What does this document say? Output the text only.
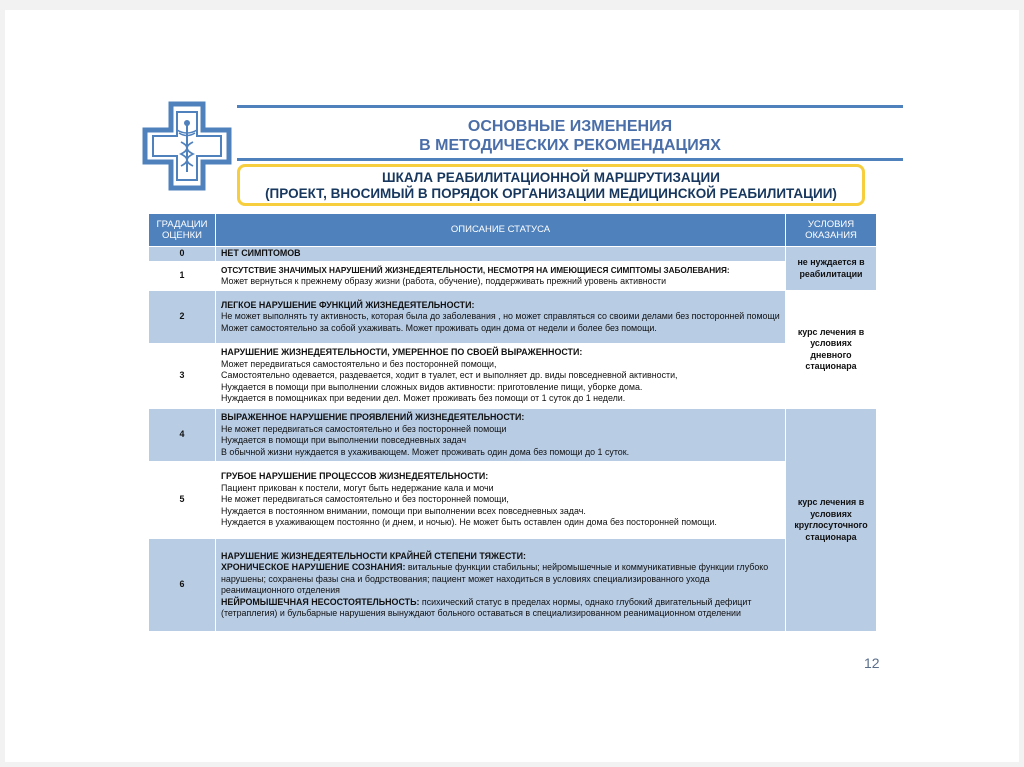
ОСНОВНЫЕ ИЗМЕНЕНИЯ
В МЕТОДИЧЕСКИХ РЕКОМЕНДАЦИЯХ
ШКАЛА РЕАБИЛИТАЦИОННОЙ МАРШРУТИЗАЦИИ
(ПРОЕКТ, ВНОСИМЫЙ В ПОРЯДОК ОРГАНИЗАЦИИ МЕДИЦИНСКОЙ РЕАБИЛИТАЦИИ)
ГРАДАЦИИ
ОЦЕНКИ	ОПИСАНИЕ СТАТУСА	УСЛОВИЯ
ОКАЗАНИЯ
0	НЕТ СИМПТОМОВ	не нуждается в реабилитации
1	ОТСУТСТВИЕ ЗНАЧИМЫХ НАРУШЕНИЙ ЖИЗНЕДЕЯТЕЛЬНОСТИ, НЕСМОТРЯ НА ИМЕЮЩИЕСЯ СИМПТОМЫ ЗАБОЛЕВАНИЯ:
Может вернуться к прежнему образу жизни (работа, обучение), поддерживать прежний уровень активности	

2	ЛЕГКОЕ НАРУШЕНИЕ ФУНКЦИЙ ЖИЗНЕДЕЯТЕЛЬНОСТИ:
Не может выполнять ту активность, которая была до заболевания , но может справляться со своими делами без посторонней помощи
Может самостоятельно за собой ухаживать. Может проживать один дома от недели и более без помощи.	курс лечения в условиях дневного стационара
3	НАРУШЕНИЕ ЖИЗНЕДЕЯТЕЛЬНОСТИ, УМЕРЕННОЕ ПО СВОЕЙ ВЫРАЖЕННОСТИ:
Может передвигаться самостоятельно и без посторонней помощи,
Самостоятельно одевается, раздевается, ходит в туалет, ест и выполняет др. виды повседневной активности,
Нуждается в помощи при выполнении сложных видов активности: приготовление пищи, уборке дома.
Нуждается в помощниках при ведении дел. Может проживать без помощи от 1 суток до 1 недели.	

4	ВЫРАЖЕННОЕ НАРУШЕНИЕ ПРОЯВЛЕНИЙ ЖИЗНЕДЕЯТЕЛЬНОСТИ:
Не может передвигаться самостоятельно и без посторонней помощи
Нуждается в помощи при выполнении повседневных задач
В обычной жизни нуждается в ухаживающем. Может проживать один дома без помощи до 1 суток.	курс лечения в условиях круглосуточного стационара
5	ГРУБОЕ НАРУШЕНИЕ ПРОЦЕССОВ ЖИЗНЕДЕЯТЕЛЬНОСТИ:
Пациент прикован к постели, могут быть недержание кала и мочи
Не может передвигаться самостоятельно и без посторонней помощи,
Нуждается в постоянном внимании, помощи при выполнении всех повседневных задач.
Нуждается в ухаживающем постоянно (и днем, и ночью). Не может быть оставлен один дома без посторонней помощи.	

6	НАРУШЕНИЕ ЖИЗНЕДЕЯТЕЛЬНОСТИ КРАЙНЕЙ СТЕПЕНИ ТЯЖЕСТИ:
ХРОНИЧЕСКОЕ НАРУШЕНИЕ СОЗНАНИЯ: витальные функции стабильны; нейромышечные и коммуникативные функции глубоко нарушены; сохранены фазы сна и бодрствования; пациент может находиться в условиях специализированного ухода реанимационного отделения
НЕЙРОМЫШЕЧНАЯ НЕСОСТОЯТЕЛЬНОСТЬ: психический статус в пределах нормы, однако глубокий двигательный дефицит (тетраплегия) и бульбарные нарушения вынуждают больного оставаться в специализированном реанимационном отделении	
12
